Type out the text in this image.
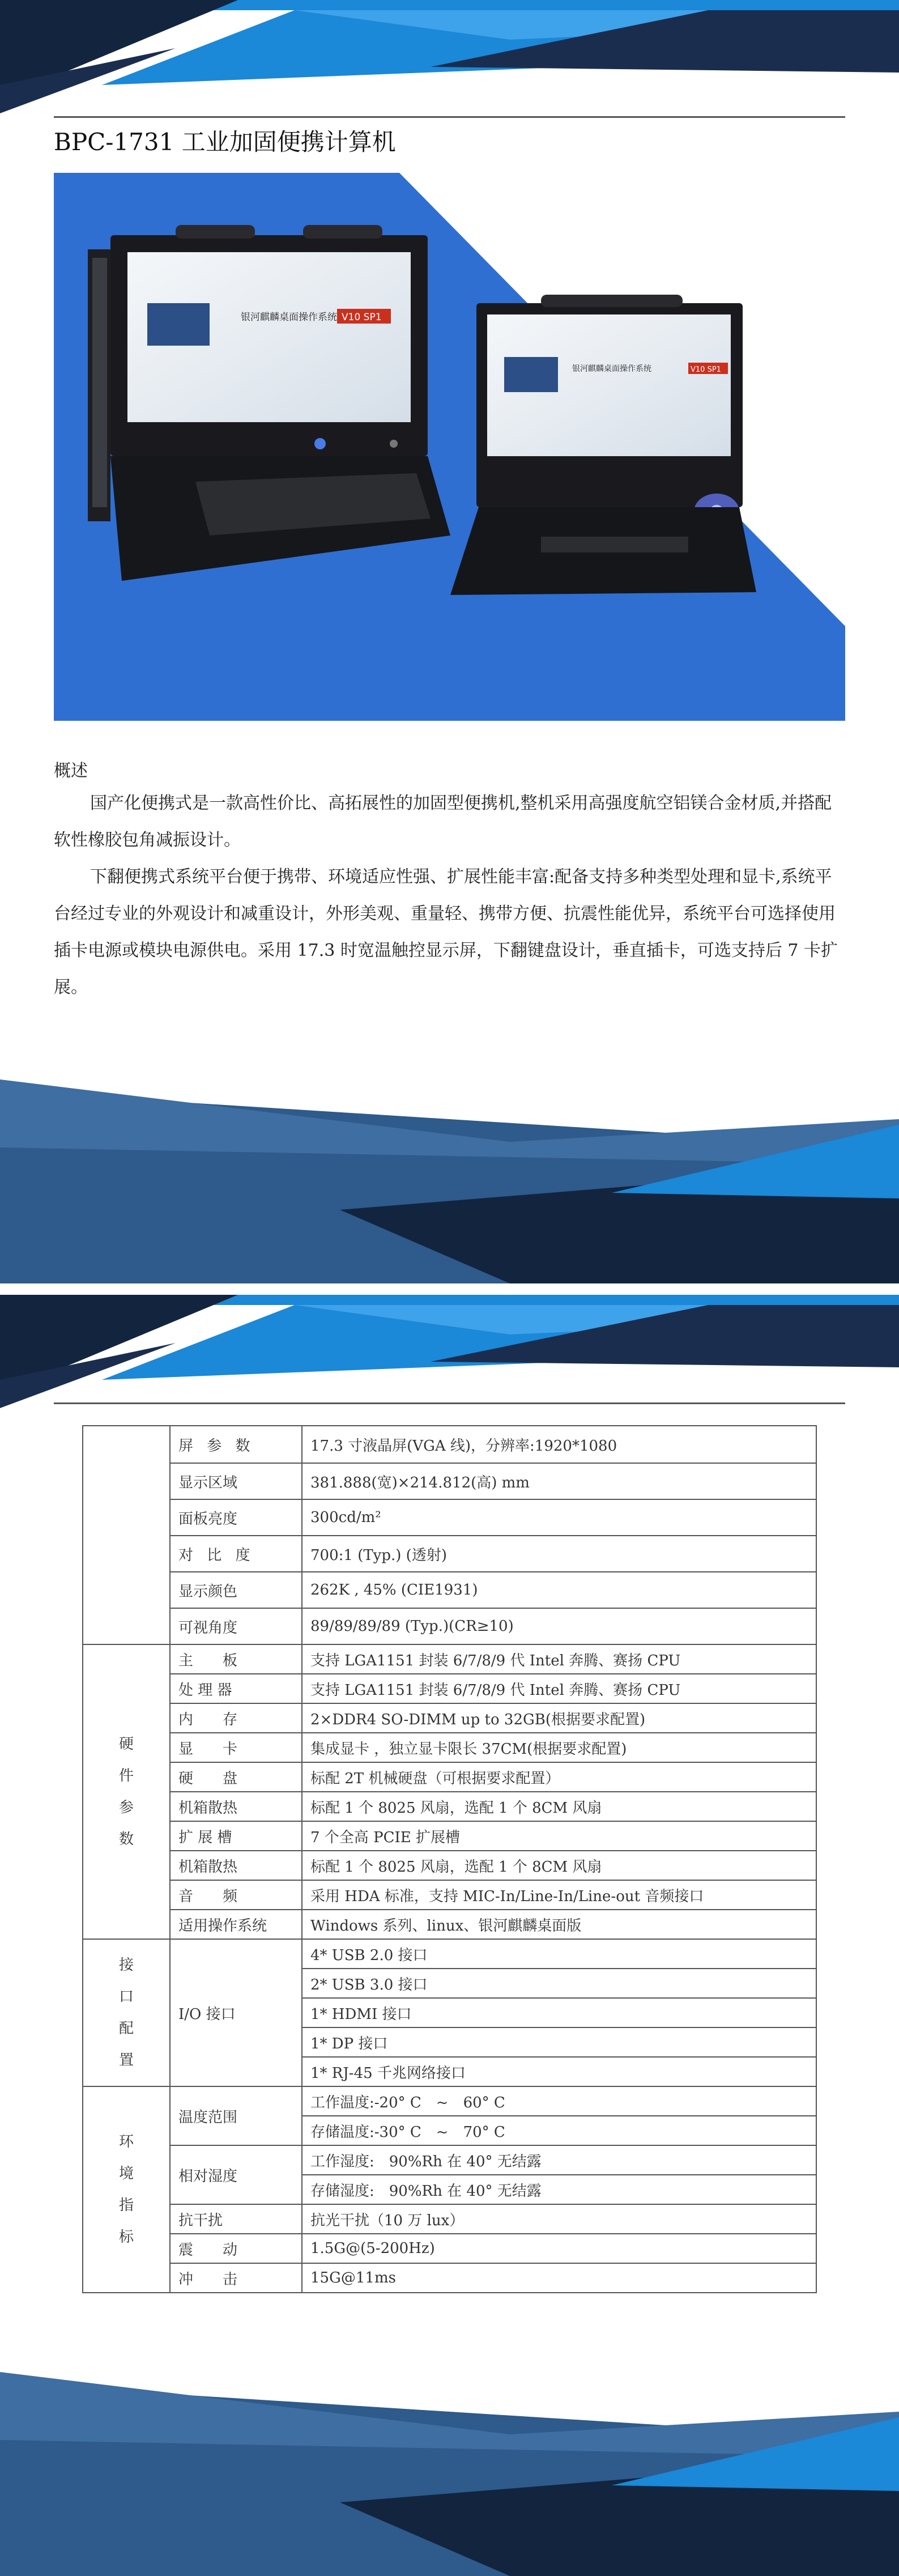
BPC-1731 工业加固便携计算机
银河麒麟桌面操作系统 V10 SP1
银河麒麟桌面操作系统	V10 SP1
概述
国产化便携式是一款高性价比、高拓展性的加固型便携机,整机采用高强度航空铝镁合金材质,并搭配软性橡胶包角减振设计。
下翻便携式系统平台便于携带、环境适应性强、扩展性能丰富:配备支持多种类型处理和显卡,系统平台经过专业的外观设计和减重设计，外形美观、重量轻、携带方便、抗震性能优异，系统平台可选择使用插卡电源或模块电源供电。采用 17.3 时宽温触控显示屏，下翻键盘设计，垂直插卡，可选支持后 7 卡扩展。
	屏 参 数	17.3 寸液晶屏(VGA 线)，分辨率:1920*1080
	显示区域	381.888(宽)×214.812(高) mm
	面板亮度	300cd/m²
	对 比 度	700:1 (Typ.) (透射)
	显示颜色	262K , 45% (CIE1931)
	可视角度	89/89/89/89 (Typ.)(CR≥10)

硬件参数	主　　板	支持 LGA1151 封装 6/7/8/9 代 Intel 奔腾、赛扬 CPU
	处 理 器	支持 LGA1151 封装 6/7/8/9 代 Intel 奔腾、赛扬 CPU
	内　　存	2×DDR4 SO-DIMM up to 32GB(根据要求配置)
	显　　卡	集成显卡 ，独立显卡限长 37CM(根据要求配置)
	硬　　盘	标配 2T 机械硬盘（可根据要求配置）
	机箱散热	标配 1 个 8025 风扇，选配 1 个 8CM 风扇
	扩 展 槽	7 个全高 PCIE 扩展槽
	机箱散热	标配 1 个 8025 风扇，选配 1 个 8CM 风扇
	音　　频	采用 HDA 标准，支持 MIC-In/Line-In/Line-out 音频接口
	适用操作系统	Windows 系列、linux、银河麒麟桌面版

接口配置	I/O 接口	4* USB 2.0 接口
		2* USB 3.0 接口
		1* HDMI 接口
		1* DP 接口
		1* RJ-45 千兆网络接口

环境指标	温度范围	工作温度:-20° C　~　60° C
		存储温度:-30° C　~　70° C
	相对湿度	工作湿度:　90%Rh 在 40° 无结露
		存储湿度:　90%Rh 在 40° 无结露
	抗干扰	抗光干扰（10 万 lux）
	震　　动	1.5G@(5-200Hz)
	冲　　击	15G@11ms
